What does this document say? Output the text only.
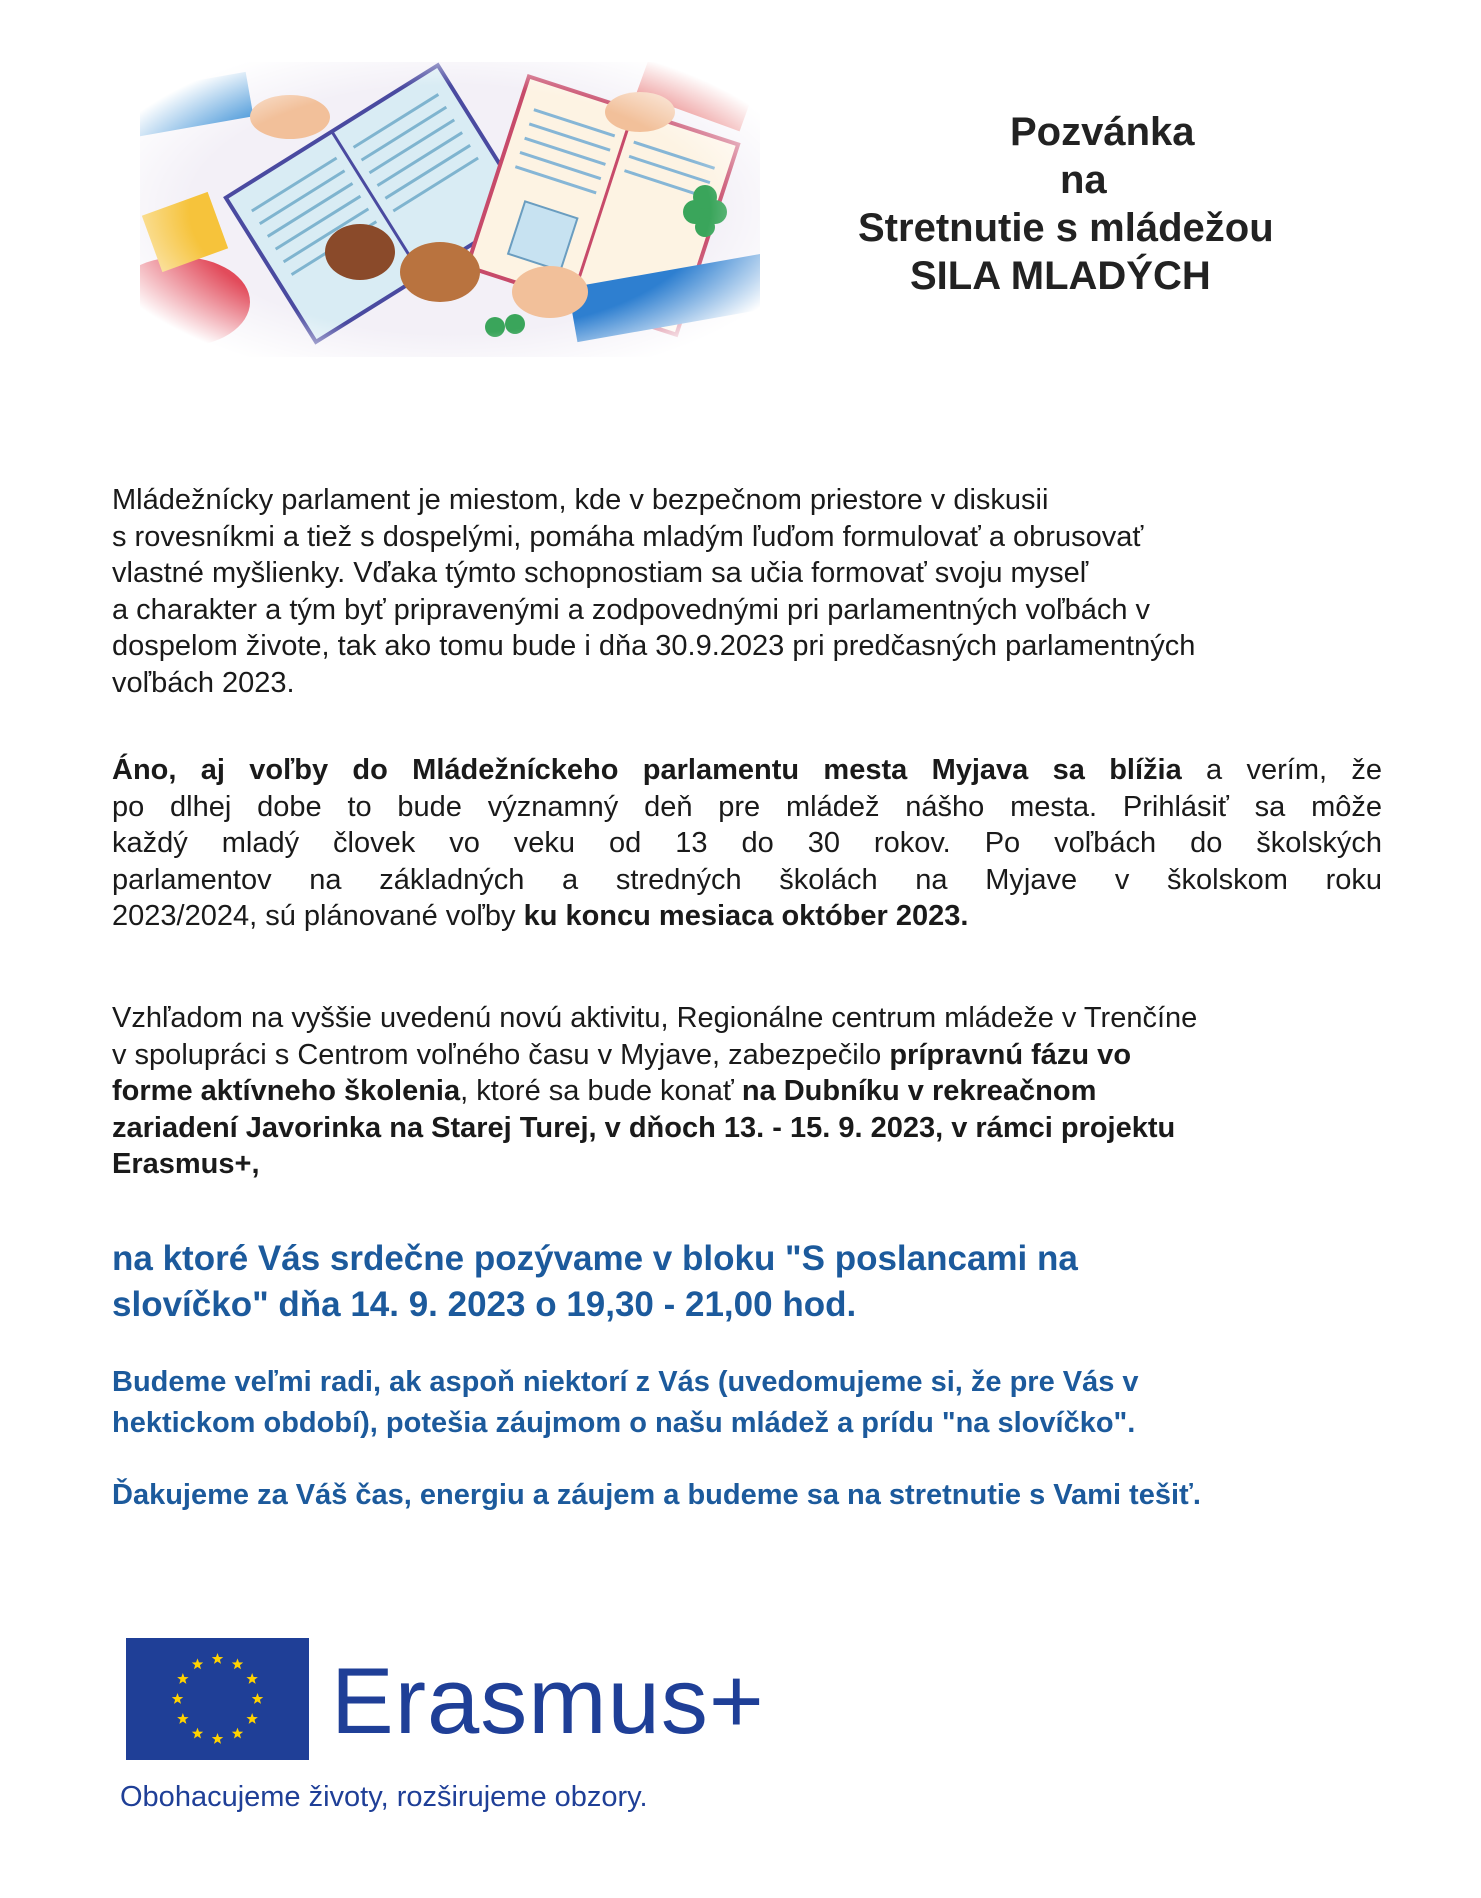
Pozvánka
na
Stretnutie s mládežou
SILA MLADÝCH
Mládežnícky parlament je miestom, kde v bezpečnom priestore v diskusii
s rovesníkmi a tiež s dospelými, pomáha mladým ľuďom formulovať a obrusovať
vlastné myšlienky. Vďaka týmto schopnostiam sa učia formovať svoju myseľ
a charakter a tým byť pripravenými a zodpovednými pri parlamentných voľbách v
dospelom živote, tak ako tomu bude i dňa 30.9.2023 pri predčasných parlamentných
voľbách 2023.
Áno, aj voľby do Mládežníckeho parlamentu mesta Myjava sa blížia a verím, že
po dlhej dobe to bude významný deň pre mládež nášho mesta. Prihlásiť sa môže
každý mladý človek vo veku od 13 do 30 rokov. Po voľbách do školských
parlamentov na základných a stredných školách na Myjave v školskom roku
2023/2024, sú plánované voľby ku koncu mesiaca október 2023.
Vzhľadom na vyššie uvedenú novú aktivitu, Regionálne centrum mládeže v Trenčíne
v spolupráci s Centrom voľného času v Myjave, zabezpečilo prípravnú fázu vo
forme aktívneho školenia, ktoré sa bude konať na Dubníku v rekreačnom
zariadení Javorinka na Starej Turej, v dňoch 13. - 15. 9. 2023, v rámci projektu
Erasmus+,
na ktoré Vás srdečne pozývame v bloku "S poslancami na
slovíčko" dňa 14. 9. 2023 o 19,30 - 21,00 hod.
Budeme veľmi radi, ak aspoň niektorí z Vás (uvedomujeme si, že pre Vás v
hektickom období), potešia záujmom o našu mládež a prídu "na slovíčko".
Ďakujeme za Váš čas, energiu a záujem a budeme sa na stretnutie s Vami tešiť.
Erasmus+
Obohacujeme životy, rozširujeme obzory.
